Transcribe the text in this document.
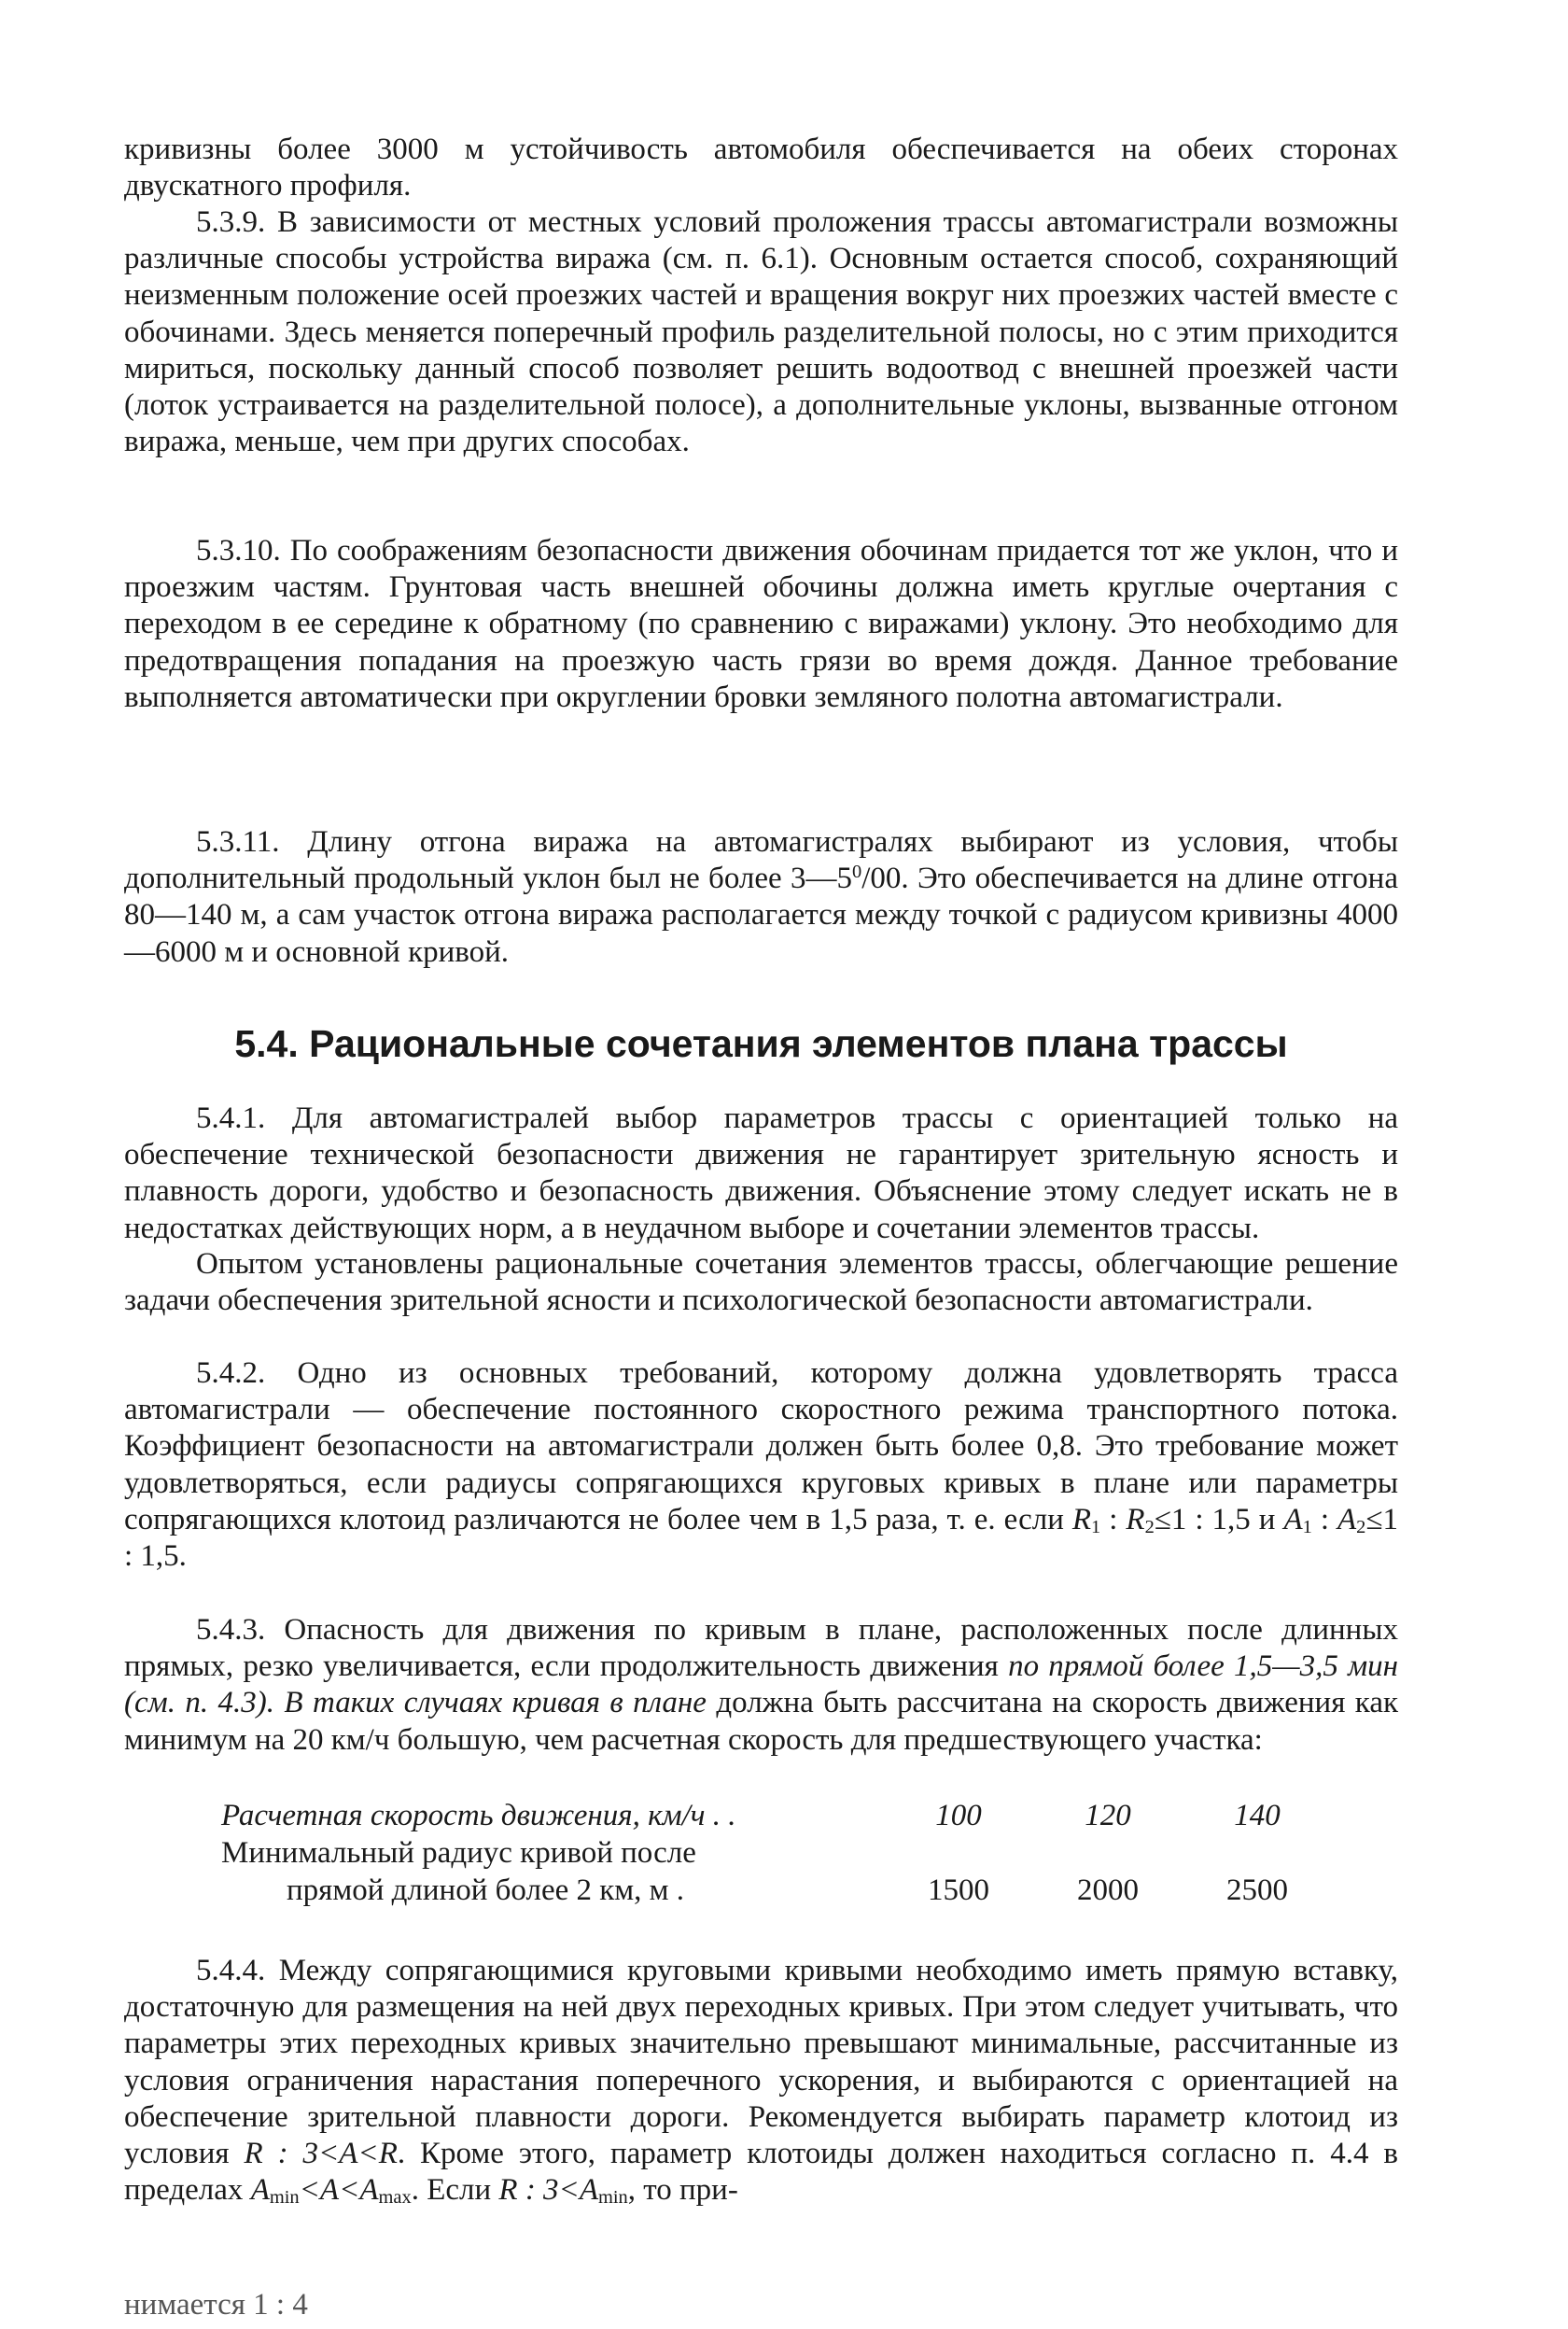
кривизны более 3000 м устойчивость автомобиля обеспечивается на обеих сторонах двускатного профиля.

5.3.9. В зависимости от местных условий проложения трассы автомагистрали возможны различные способы устройства виража (см. п. 6.1). Основным остается способ, сохраняющий неизменным положение осей проезжих частей и вращения вокруг них проезжих частей вместе с обочинами. Здесь меняется поперечный профиль разделительной полосы, но с этим приходится мириться, поскольку данный способ позволяет решить водоотвод с внешней проезжей части (лоток устраивается на разделительной полосе), а дополнительные уклоны, вызванные отгоном виража, меньше, чем при других способах.

5.3.10. По соображениям безопасности движения обочинам придается тот же уклон, что и проезжим частям. Грунтовая часть внешней обочины должна иметь круглые очертания с переходом в ее середине к обратному (по сравнению с виражами) уклону. Это необходимо для предотвращения попадания на проезжую часть грязи во время дождя. Данное требование выполняется автоматически при округлении бровки земляного полотна автомагистрали.

5.3.11. Длину отгона виража на автомагистралях выбирают из условия, чтобы дополнительный продольный уклон был не более $3—5^0/00$. Это обеспечивается на длине отгона 80—140 м, а сам участок отгона виража располагается между точкой с радиусом кривизны 4000—6000 м и основной кривой.

5.4. Рациональные сочетания элементов плана трассы

5.4.1. Для автомагистралей выбор параметров трассы с ориентацией только на обеспечение технической безопасности движения не гарантирует зрительную ясность и плавность дороги, удобство и безопасность движения. Объяснение этому следует искать не в недостатках действующих норм, а в неудачном выборе и сочетании элементов трассы.

Опытом установлены рациональные сочетания элементов трассы, облегчающие решение задачи обеспечения зрительной ясности и психологической безопасности автомагистрали.

5.4.2. Одно из основных требований, которому должна удовлетворять трасса автомагистрали — обеспечение постоянного скоростного режима транспортного потока. Коэффициент безопасности на автомагистрали должен быть более 0,8. Это требование может удовлетворяться, если радиусы сопрягающихся круговых кривых в плане или параметры сопрягающихся клотоид различаются не более чем в 1,5 раза, т. е. если $R_1$ : $R_2\le 1$ : 1,5 и $A_1$ : $A_2\le 1$ : 1,5.

5.4.3. Опасность для движения по кривым в плане, расположенных после длинных прямых, резко увеличивается, если продолжительность движения по прямой более 1,5—3,5 мин (см. п. 4.3). В таких случаях кривая в плане должна быть рассчитана на скорость движения как минимум на 20 км/ч большую, чем расчетная скорость для предшествующего участка:

Расчетная скорость движения, км/ч . .	100	120	140
Минимальный радиус кривой после
прямой длиной более 2 км, м .	1500	2000	2500

5.4.4. Между сопрягающимися круговыми кривыми необходимо иметь прямую вставку, достаточную для размещения на ней двух переходных кривых. При этом следует учитывать, что параметры этих переходных кривых значительно превышают минимальные, рассчитанные из условия ограничения нарастания поперечного ускорения, и выбираются с ориентацией на обеспечение зрительной плавности дороги. Рекомендуется выбирать параметр клотоид из условия R : 3<A<R. Кроме этого, параметр клотоиды должен находиться согласно п. 4.4 в пределах $A_{min}<A<A_{max}$. Если R : $3<A_{min}$, то при-

нимается 1 : 4
